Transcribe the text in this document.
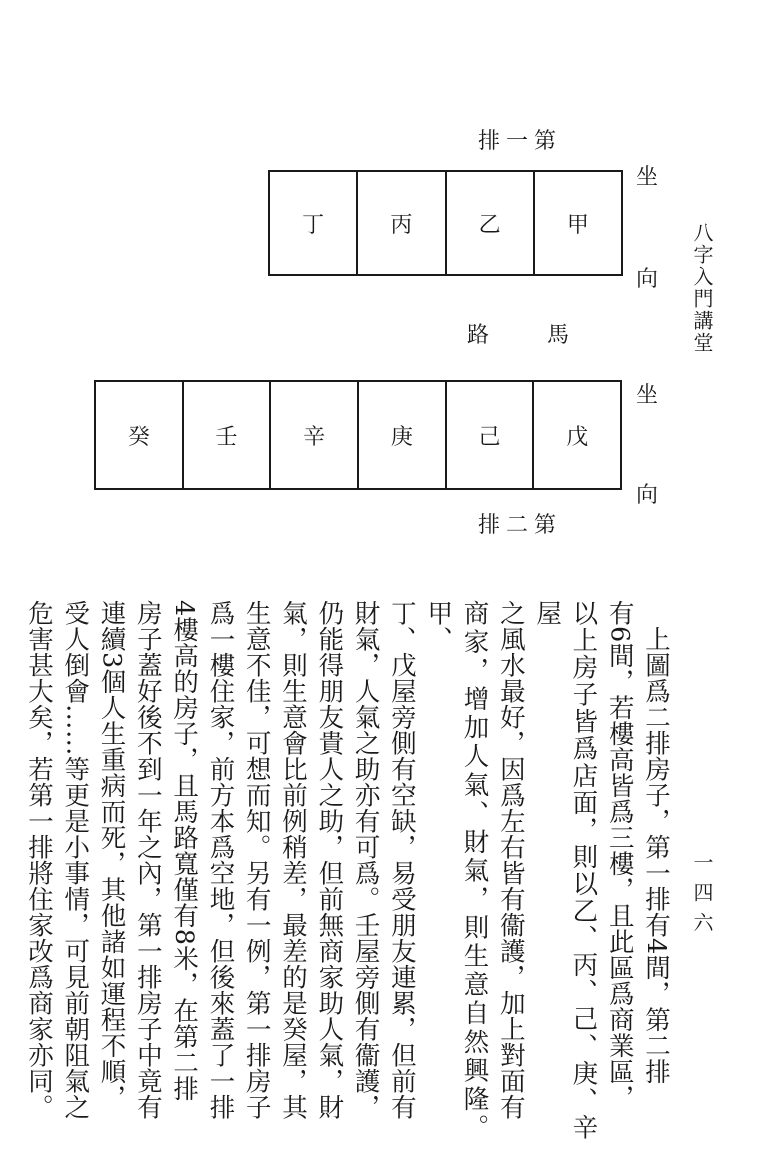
八字入門講堂
一四六
排一第
丁	丙	乙	甲
坐
向
路　馬
坐
癸	壬	辛	庚	己	戊
向
排二第
　上圖爲二排房子，第一排有4間，第二排
有6間，若樓高皆爲三樓，且此區爲商業區，
以上房子皆爲店面，則以乙、丙、己、庚、辛屋
之風水最好，因爲左右皆有衞護，加上對面有
商家，增加人氣、財氣，則生意自然興隆。甲、
丁、戊屋旁側有空缺，易受朋友連累，但前有
財氣，人氣之助亦有可爲。壬屋旁側有衞護，
仍能得朋友貴人之助，但前無商家助人氣，財
氣，則生意會比前例稍差，最差的是癸屋，其
生意不佳，可想而知。另有一例，第一排房子
爲一樓住家，前方本爲空地，但後來蓋了一排
4樓高的房子，且馬路寬僅有8米，在第二排
房子蓋好後不到一年之內，第一排房子中竟有
連續3個人生重病而死，其他諸如運程不順，
受人倒會……等更是小事情，可見前朝阻氣之
危害甚大矣，若第一排將住家改爲商家亦同。
